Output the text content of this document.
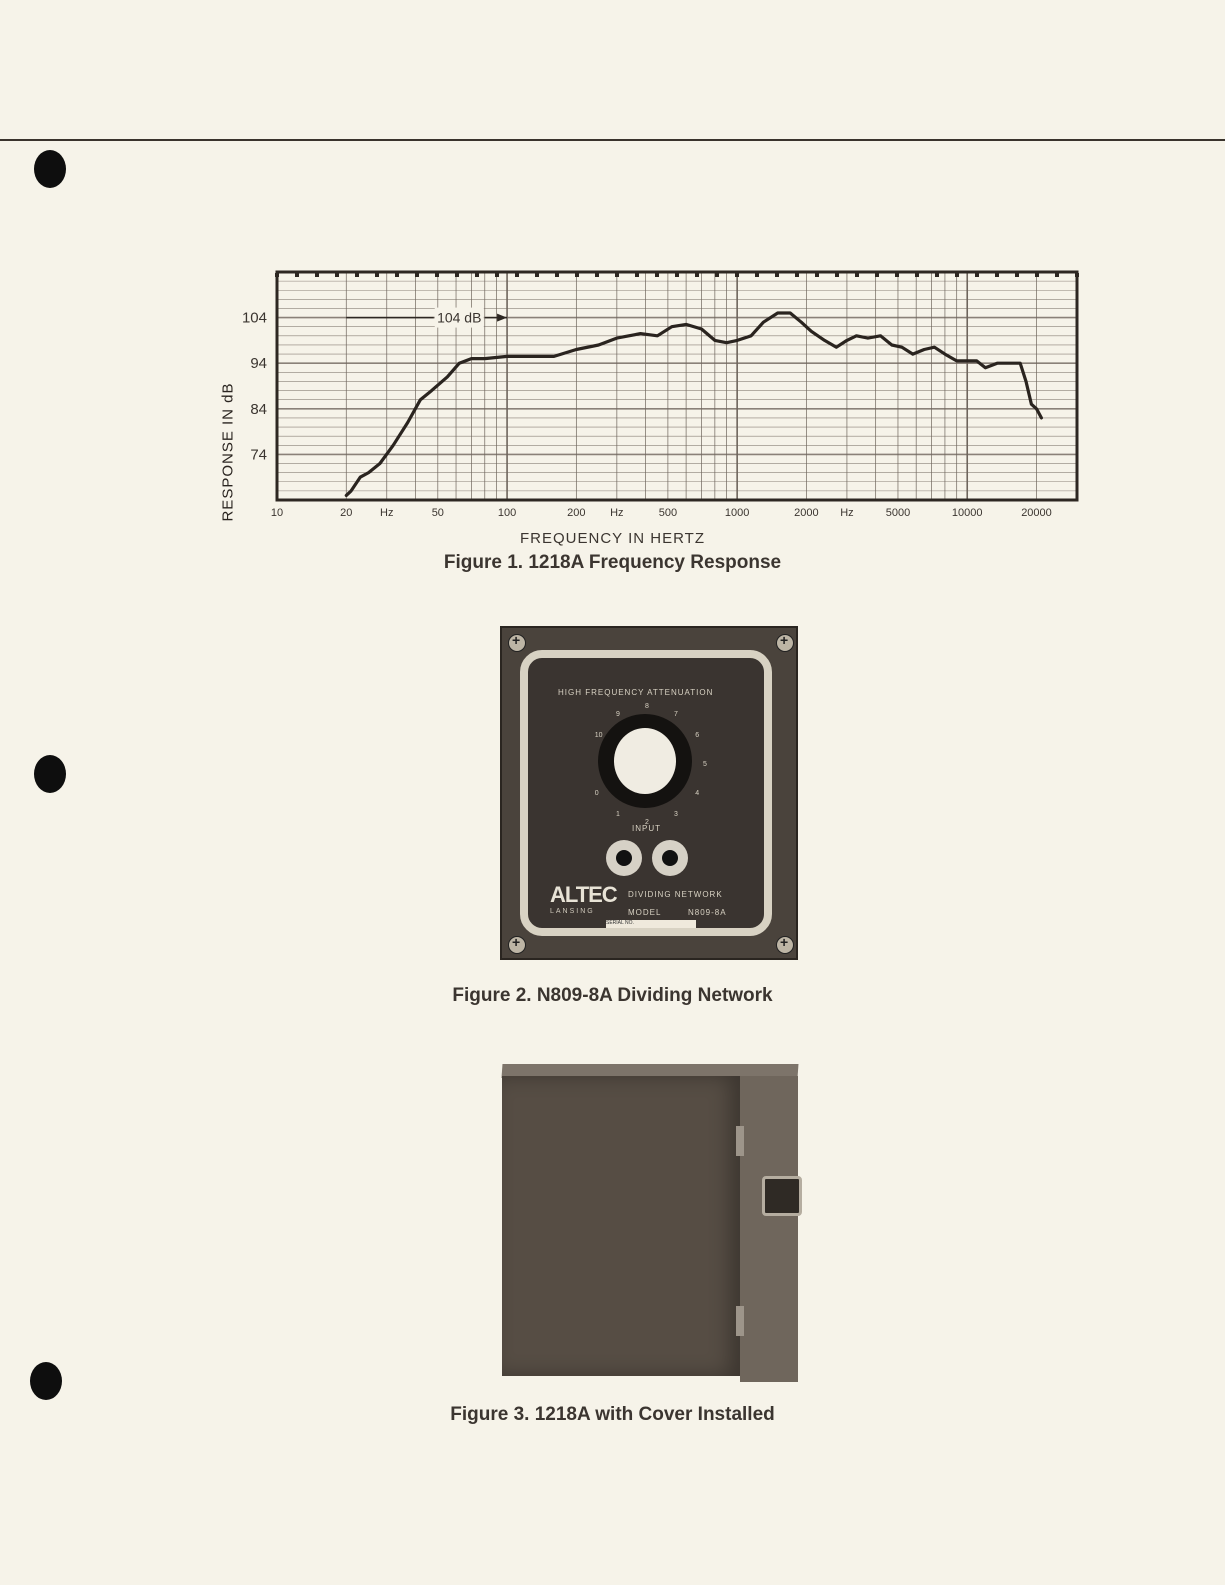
RESPONSE IN dB
104
94
84
74
10	20	50	100	200	500	1000	2000	5000	10000	20000
Hz	Hz	Hz
104 dB
FREQUENCY IN HERTZ
Figure 1. 1218A Frequency Response
+
+
+
+
HIGH FREQUENCY ATTENUATION
0
1
2
3
4
5
6
7
8
9
10
INPUT
ALTEC
LANSING
DIVIDING NETWORK
MODEL	N809-8A
SERIAL NO.
Figure 2. N809-8A Dividing Network
Figure 3. 1218A with Cover Installed
